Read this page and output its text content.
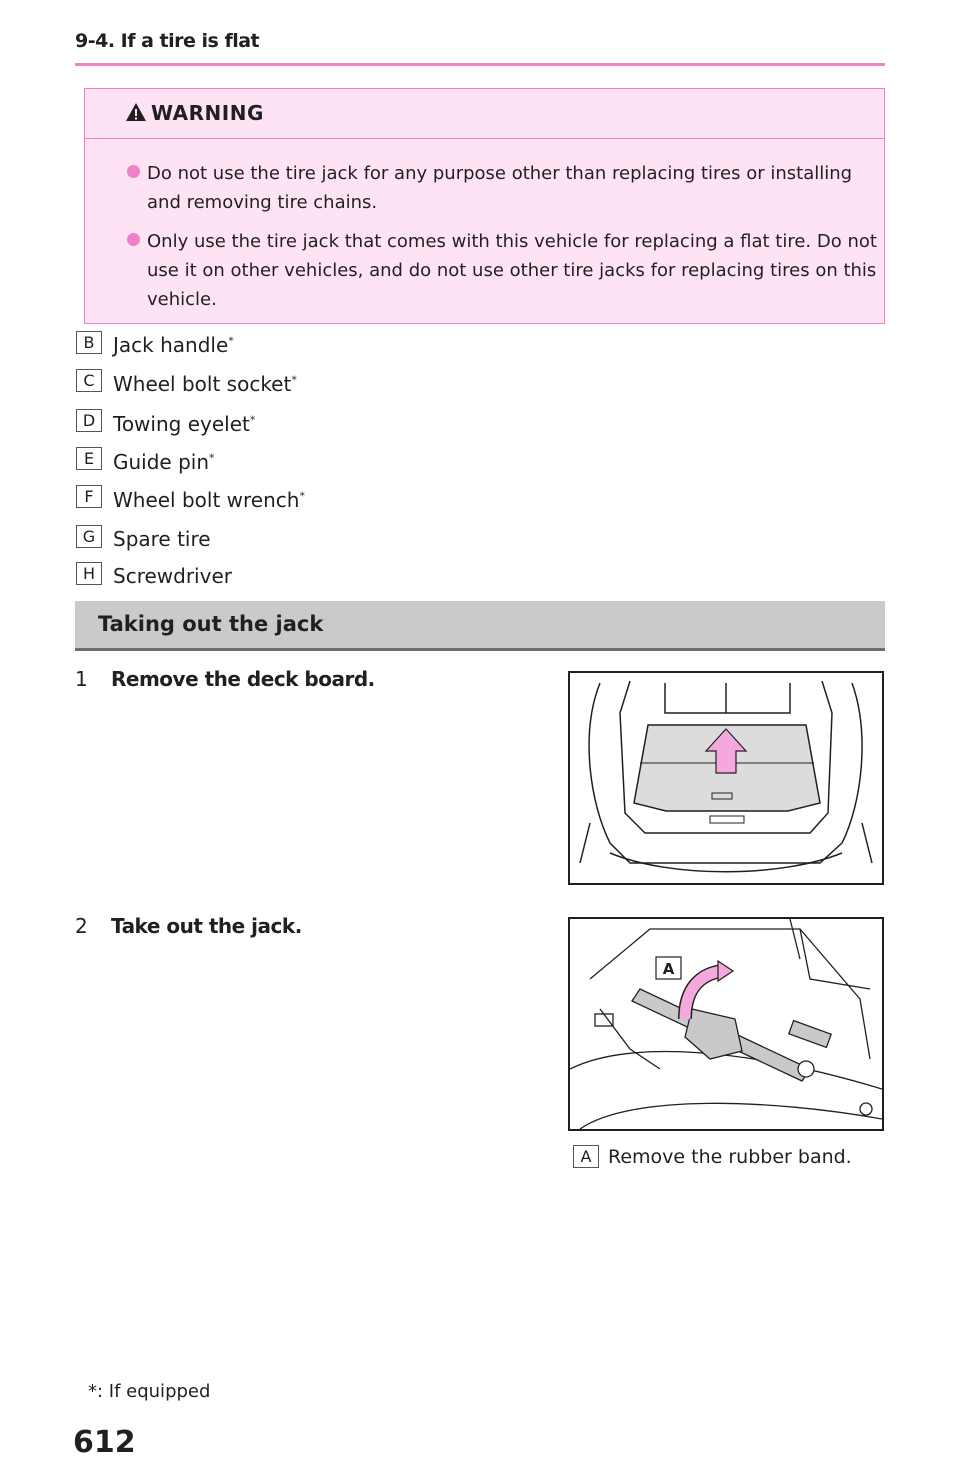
9-4. If a tire is flat
WARNING
Do not use the tire jack for any purpose other than replacing tires or installing and removing tire chains.
Only use the tire jack that comes with this vehicle for replacing a flat tire. Do not use it on other vehicles, and do not use other tire jacks for replacing tires on this vehicle.
B Jack handle*
C Wheel bolt socket*
D Towing eyelet*
E Guide pin*
F Wheel bolt wrench*
G Spare tire
H Screwdriver
Taking out the jack
1 Remove the deck board.
2 Take out the jack.
A
A Remove the rubber band.
*: If equipped
612
